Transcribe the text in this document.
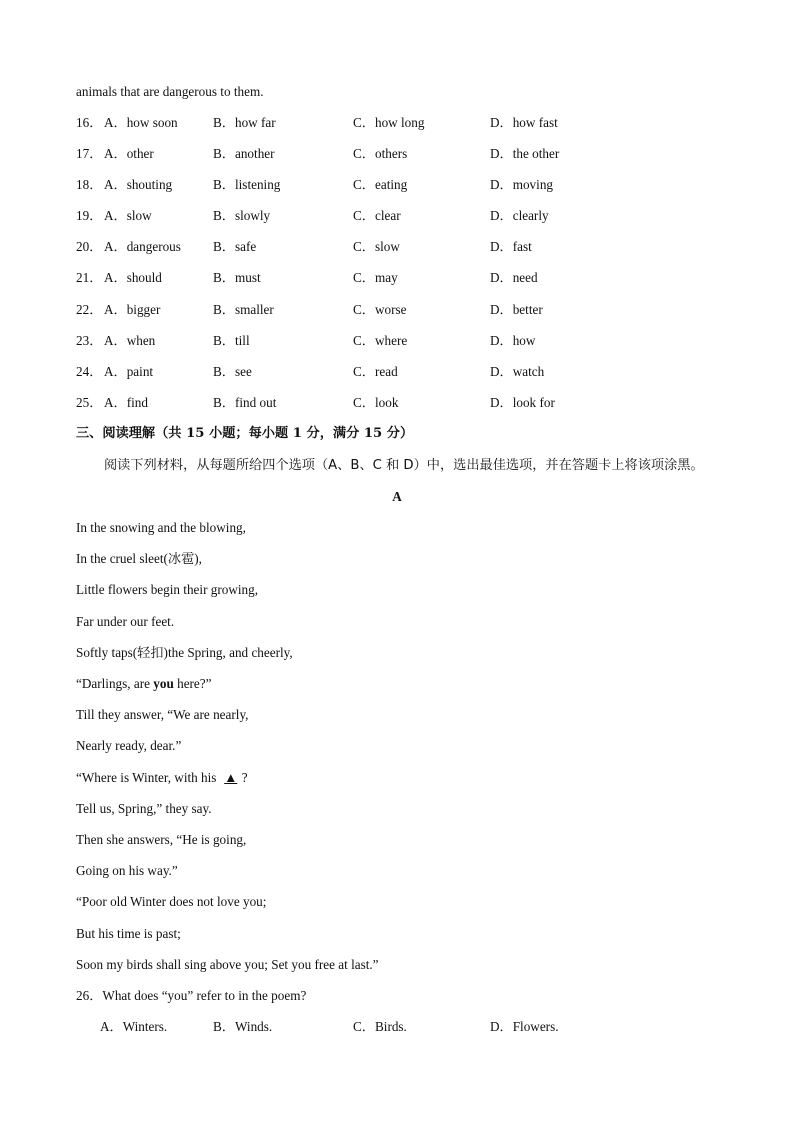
animals that are dangerous to them.
16． A．how soon	B．how far	C．how long	D．how fast
17． A．other	B．another	C．others	D．the other
18． A．shouting	B．listening	C．eating	D．moving
19． A．slow	B．slowly	C．clear	D．clearly
20． A．dangerous B．safe	C．slow	D．fast
21． A．should	B．must	C．may	D．need
22． A．bigger	B．smaller	C．worse	D．better
23． A．when	B．till	C．where	D．how
24． A．paint	B．see	C．read	D．watch
25． A．find	B．find out	C．look	D．look for
三、阅读理解（共 15 小题；每小题 1 分，满分 15 分）
阅读下列材料，从每题所给四个选项（A、B、C 和 D）中，选出最佳选项，并在答题卡上将该项涂黑。
A
In the snowing and the blowing,
In the cruel sleet(冰雹),
Little flowers begin their growing,
Far under our feet.
Softly taps(轻扣)the Spring, and cheerly,
“Darlings, are you here?”
Till they answer, “We are nearly,
Nearly ready, dear.”
“Where is Winter, with his ▲ ?
Tell us, Spring,” they say.
Then she answers, “He is going,
Going on his way.”
“Poor old Winter does not love you;
But his time is past;
Soon my birds shall sing above you; Set you free at last.”
26．What does “you” refer to in the poem?
A．Winters.	B．Winds.	C．Birds.	D．Flowers.
